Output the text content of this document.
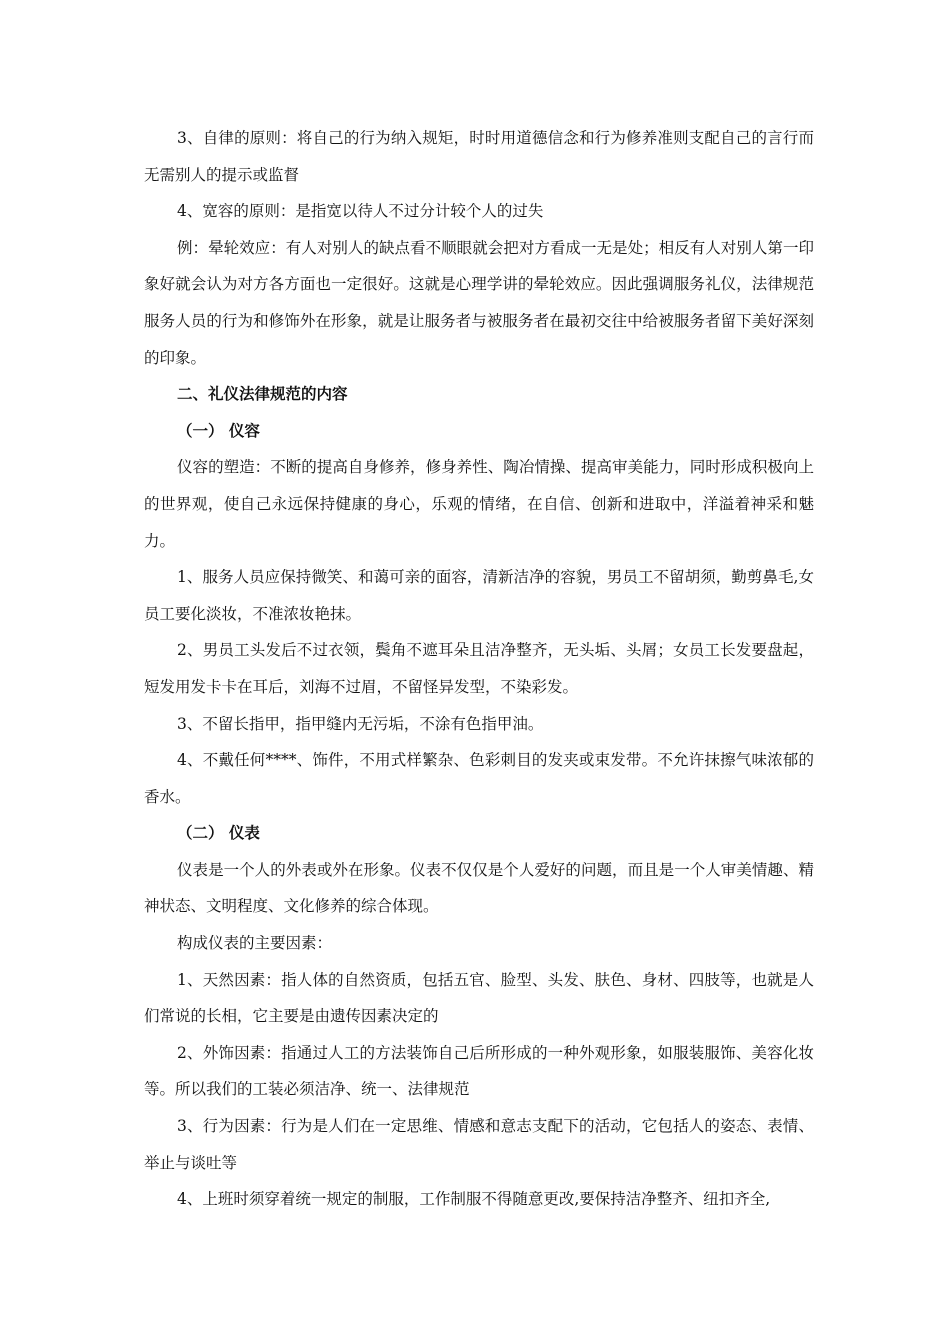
3、自律的原则：将自己的行为纳入规矩，时时用道德信念和行为修养准则支配自己的言行而无需别人的提示或监督

4、宽容的原则：是指宽以待人不过分计较个人的过失

例：晕轮效应：有人对别人的缺点看不顺眼就会把对方看成一无是处；相反有人对别人第一印象好就会认为对方各方面也一定很好。这就是心理学讲的晕轮效应。因此强调服务礼仪，法律规范服务人员的行为和修饰外在形象，就是让服务者与被服务者在最初交往中给被服务者留下美好深刻的印象。

二、礼仪法律规范的内容

（一） 仪容

仪容的塑造：不断的提高自身修养，修身养性、陶冶情操、提高审美能力，同时形成积极向上的世界观，使自己永远保持健康的身心，乐观的情绪，在自信、创新和进取中，洋溢着神采和魅力。

1、服务人员应保持微笑、和蔼可亲的面容，清新洁净的容貌，男员工不留胡须，勤剪鼻毛,女员工要化淡妆，不准浓妆艳抹。

2、男员工头发后不过衣领，鬓角不遮耳朵且洁净整齐，无头垢、头屑；女员工长发要盘起，短发用发卡卡在耳后，刘海不过眉，不留怪异发型，不染彩发。

3、不留长指甲，指甲缝内无污垢，不涂有色指甲油。

4、不戴任何****、饰件，不用式样繁杂、色彩刺目的发夹或束发带。不允许抹擦气味浓郁的香水。

（二） 仪表

仪表是一个人的外表或外在形象。仪表不仅仅是个人爱好的问题，而且是一个人审美情趣、精神状态、文明程度、文化修养的综合体现。

构成仪表的主要因素：

1、天然因素：指人体的自然资质，包括五官、脸型、头发、肤色、身材、四肢等，也就是人们常说的长相，它主要是由遗传因素决定的

2、外饰因素：指通过人工的方法装饰自己后所形成的一种外观形象，如服装服饰、美容化妆等。所以我们的工装必须洁净、统一、法律规范

3、行为因素：行为是人们在一定思维、情感和意志支配下的活动，它包括人的姿态、表情、举止与谈吐等

4、上班时须穿着统一规定的制服，工作制服不得随意更改,要保持洁净整齐、纽扣齐全,
